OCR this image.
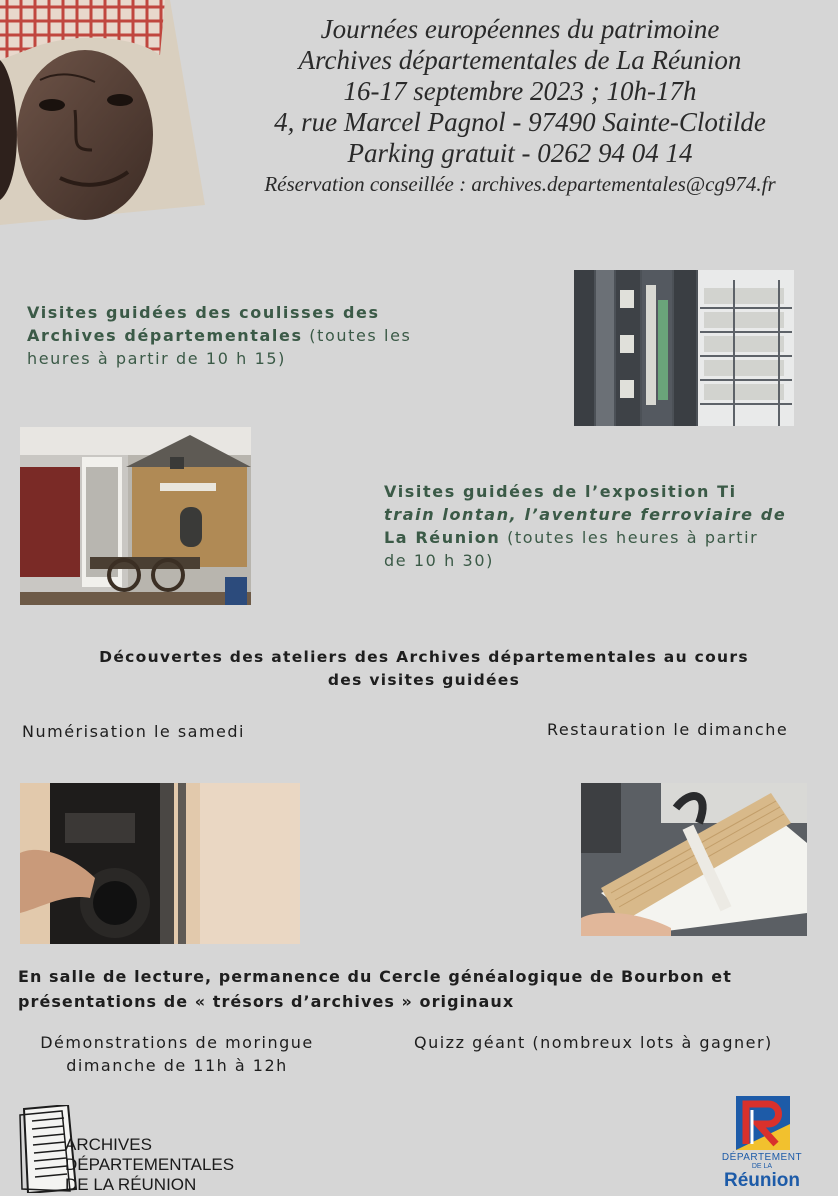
Journées européennes du patrimoine
Archives départementales de La Réunion
16-17 septembre 2023 ; 10h-17h
4, rue Marcel Pagnol - 97490 Sainte-Clotilde
Parking gratuit - 0262 94 04 14
Réservation conseillée : archives.departementales@cg974.fr
Visites guidées des coulisses des
Archives départementales (toutes les
heures à partir de 10 h 15)
Visites guidées de l’exposition Ti
train lontan, l’aventure ferroviaire de
La Réunion (toutes les heures à partir
de 10 h 30)
Découvertes des ateliers des Archives départementales au cours
des visites guidées
Numérisation le samedi	Restauration le dimanche
En salle de lecture, permanence du Cercle généalogique de Bourbon et
présentations de « trésors d’archives » originaux
Démonstrations de moringue
dimanche de 11h à 12h
Quizz géant (nombreux lots à gagner)
ARCHIVES
DÉPARTEMENTALES
DE LA RÉUNION
DÉPARTEMENT
DE LA
Réunion
